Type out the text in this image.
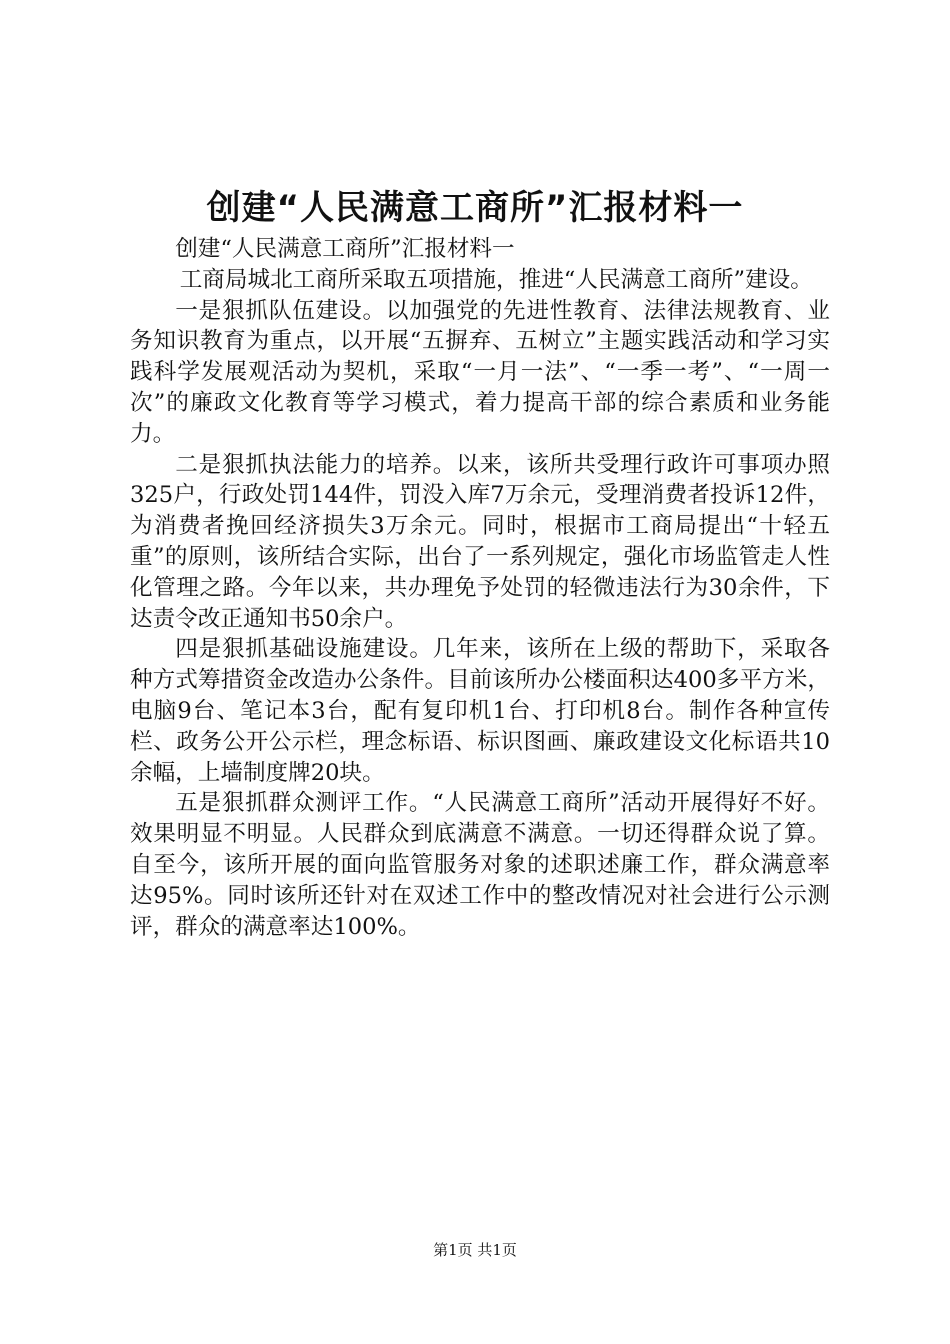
创建“人民满意工商所”汇报材料一

创建“人民满意工商所”汇报材料一

工商局城北工商所采取五项措施，推进“人民满意工商所”建设。

一是狠抓队伍建设。以加强党的先进性教育、法律法规教育、业务知识教育为重点，以开展“五摒弃、五树立”主题实践活动和学习实践科学发展观活动为契机，采取“一月一法”、“一季一考”、“一周一次”的廉政文化教育等学习模式，着力提高干部的综合素质和业务能力。

二是狠抓执法能力的培养。以来，该所共受理行政许可事项办照325户，行政处罚144件，罚没入库7万余元，受理消费者投诉12件，为消费者挽回经济损失3万余元。同时，根据市工商局提出“十轻五重”的原则，该所结合实际，出台了一系列规定，强化市场监管走人性化管理之路。今年以来，共办理免予处罚的轻微违法行为30余件，下达责令改正通知书50余户。

四是狠抓基础设施建设。几年来，该所在上级的帮助下，采取各种方式筹措资金改造办公条件。目前该所办公楼面积达400多平方米，电脑9台、笔记本3台，配有复印机1台、打印机8台。制作各种宣传栏、政务公开公示栏，理念标语、标识图画、廉政建设文化标语共10余幅，上墙制度牌20块。

五是狠抓群众测评工作。“人民满意工商所”活动开展得好不好。效果明显不明显。人民群众到底满意不满意。一切还得群众说了算。自至今，该所开展的面向监管服务对象的述职述廉工作，群众满意率达95%。同时该所还针对在双述工作中的整改情况对社会进行公示测评，群众的满意率达100%。

第1页 共1页
